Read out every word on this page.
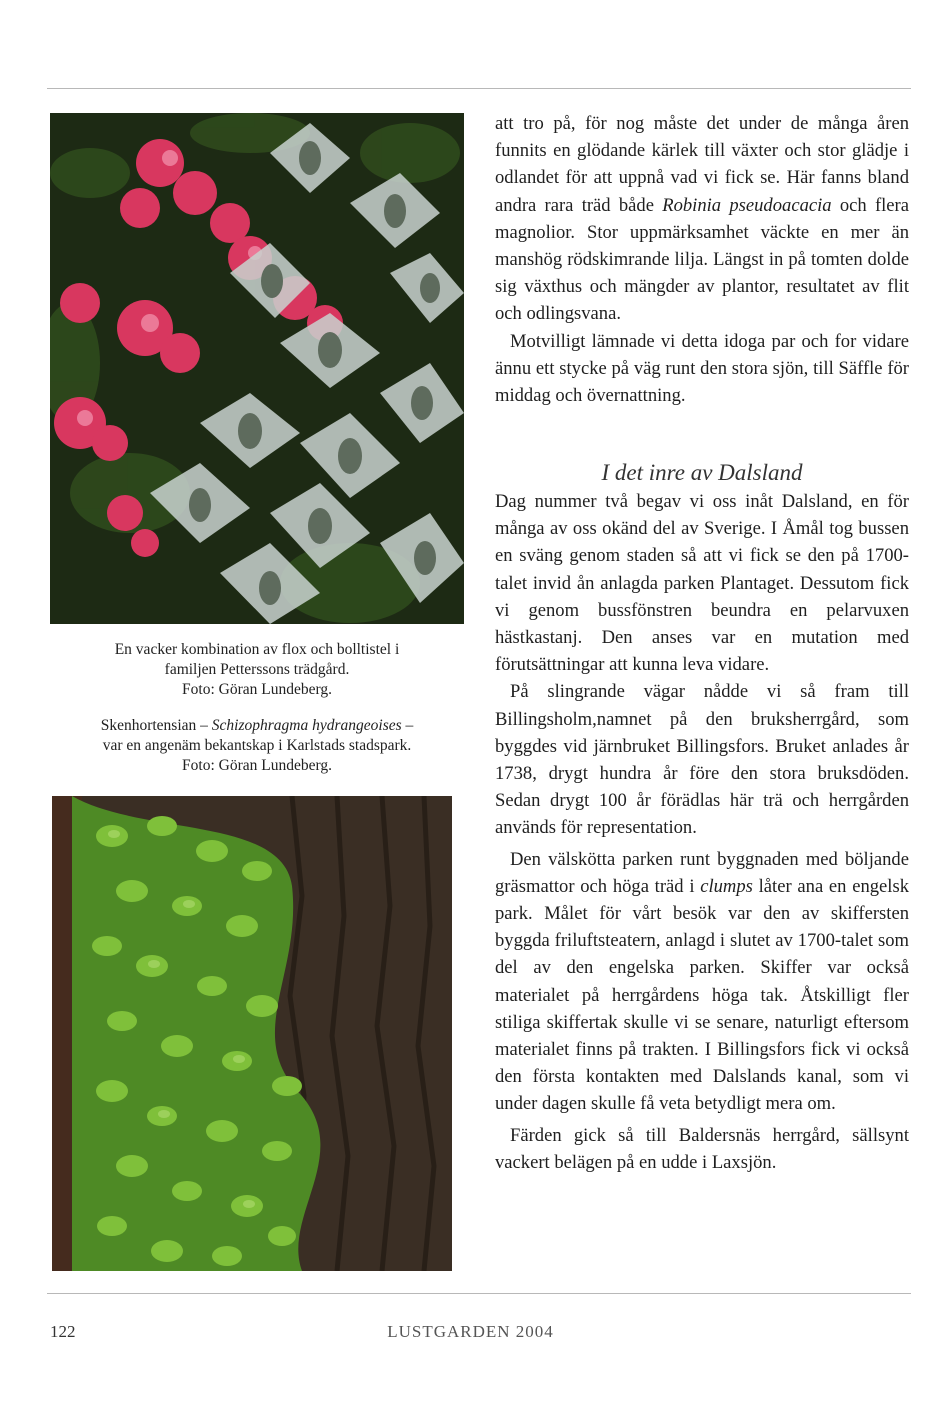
En vacker kombination av flox och bolltistel i

familjen Petterssons trädgård.

Foto: Göran Lundeberg.

Skenhortensian – Schizophragma hydrangeoises –

var en angenäm bekantskap i Karlstads stadspark.

Foto: Göran Lundeberg.

att tro på, för nog måste det under de många åren funnits en glödande kärlek till växter och stor glädje i odlandet för att uppnå vad vi fick se. Här fanns bland andra rara träd både Robinia pseudoacacia och flera magnolior. Stor uppmärksamhet väckte en mer än manshög rödskimrande lilja. Längst in på tomten dolde sig växthus och mängder av plantor, resultatet av flit och odlingsvana.

Motvilligt lämnade vi detta idoga par och for vidare ännu ett stycke på väg runt den stora sjön, till Säffle för middag och övernattning.

I det inre av Dalsland

Dag nummer två begav vi oss inåt Dalsland, en för många av oss okänd del av Sverige. I Åmål tog bussen en sväng genom staden så att vi fick se den på 1700-talet invid ån anlagda parken Plantaget. Dessutom fick vi genom bussfönstren beundra en pelarvuxen hästkastanj. Den anses var en mutation med förutsättningar att kunna leva vidare.

På slingrande vägar nådde vi så fram till Billingsholm,namnet på den bruksherrgård, som byggdes vid järnbruket Billingsfors. Bruket anlades år 1738, drygt hundra år före den stora bruksdöden. Sedan drygt 100 år förädlas här trä och herrgården används för representation.

Den välskötta parken runt byggnaden med böljande gräsmattor och höga träd i clumps låter ana en engelsk park. Målet för vårt besök var den av skiffersten byggda friluftsteatern, anlagd i slutet av 1700-talet som del av den engelska parken. Skiffer var också materialet på herrgårdens höga tak. Åtskilligt fler stiliga skiffertak skulle vi se senare, naturligt eftersom materialet finns på trakten. I Billingsfors fick vi också den första kontakten med Dalslands kanal, som vi under dagen skulle få veta betydligt mera om.

Färden gick så till Baldersnäs herrgård, sällsynt vackert belägen på en udde i Laxsjön.

122	LUSTGARDEN 2004
